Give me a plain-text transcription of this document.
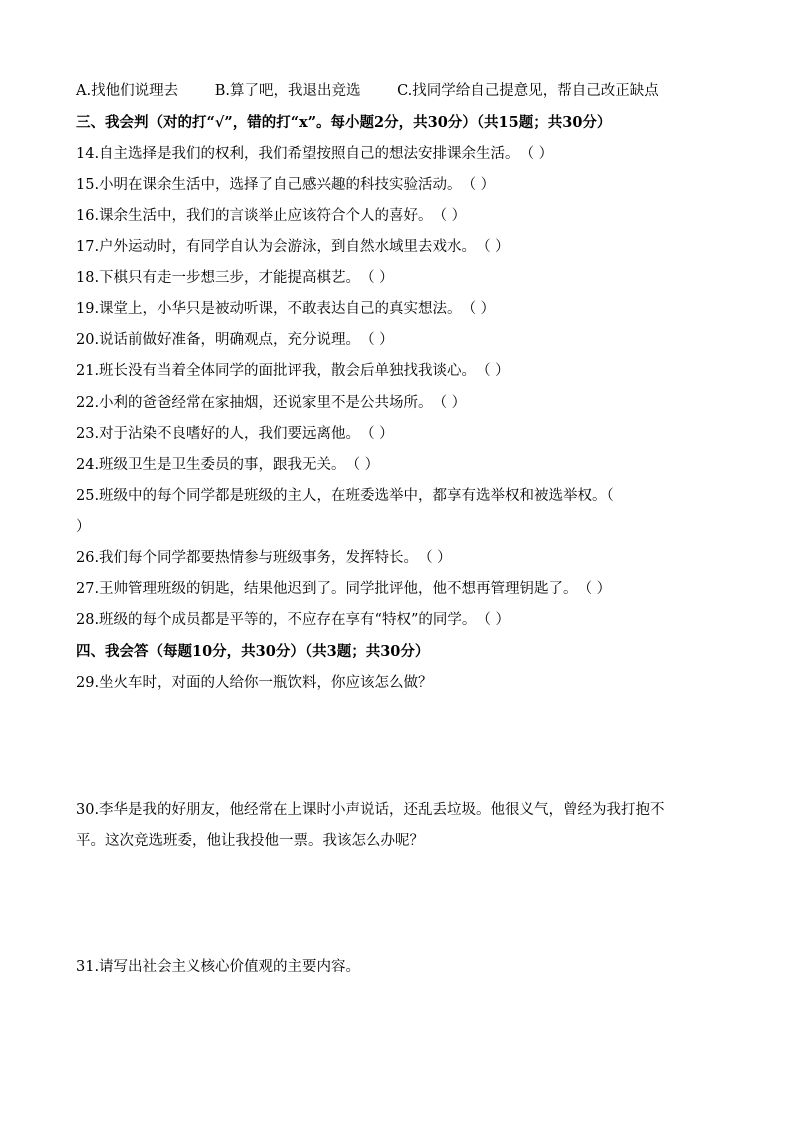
A.找他们说理去	B.算了吧，我退出竞选	C.找同学给自己提意见，帮自己改正缺点
三、我会判（对的打“√”，错的打“x”。每小题2分，共30分）（共15题；共30分）
14.自主选择是我们的权利，我们希望按照自己的想法安排课余生活。（ ）
15.小明在课余生活中，选择了自己感兴趣的科技实验活动。（ ）
16.课余生活中，我们的言谈举止应该符合个人的喜好。（ ）
17.户外运动时，有同学自认为会游泳，到自然水域里去戏水。（ ）
18.下棋只有走一步想三步，才能提高棋艺。（ ）
19.课堂上，小华只是被动听课，不敢表达自己的真实想法。（ ）
20.说话前做好准备，明确观点，充分说理。（ ）
21.班长没有当着全体同学的面批评我，散会后单独找我谈心。（ ）
22.小利的爸爸经常在家抽烟，还说家里不是公共场所。（ ）
23.对于沾染不良嗜好的人，我们要远离他。（ ）
24.班级卫生是卫生委员的事，跟我无关。（ ）
25.班级中的每个同学都是班级的主人，在班委选举中，都享有选举权和被选举权。（
）
26.我们每个同学都要热情参与班级事务，发挥特长。（ ）
27.王帅管理班级的钥匙，结果他迟到了。同学批评他，他不想再管理钥匙了。（ ）
28.班级的每个成员都是平等的，不应存在享有“特权”的同学。（ ）
四、我会答（每题10分，共30分）（共3题；共30分）
29.坐火车时，对面的人给你一瓶饮料，你应该怎么做？
30.李华是我的好朋友，他经常在上课时小声说话，还乱丢垃圾。他很义气，曾经为我打抱不
平。这次竞选班委，他让我投他一票。我该怎么办呢？
31.请写出社会主义核心价值观的主要内容。
